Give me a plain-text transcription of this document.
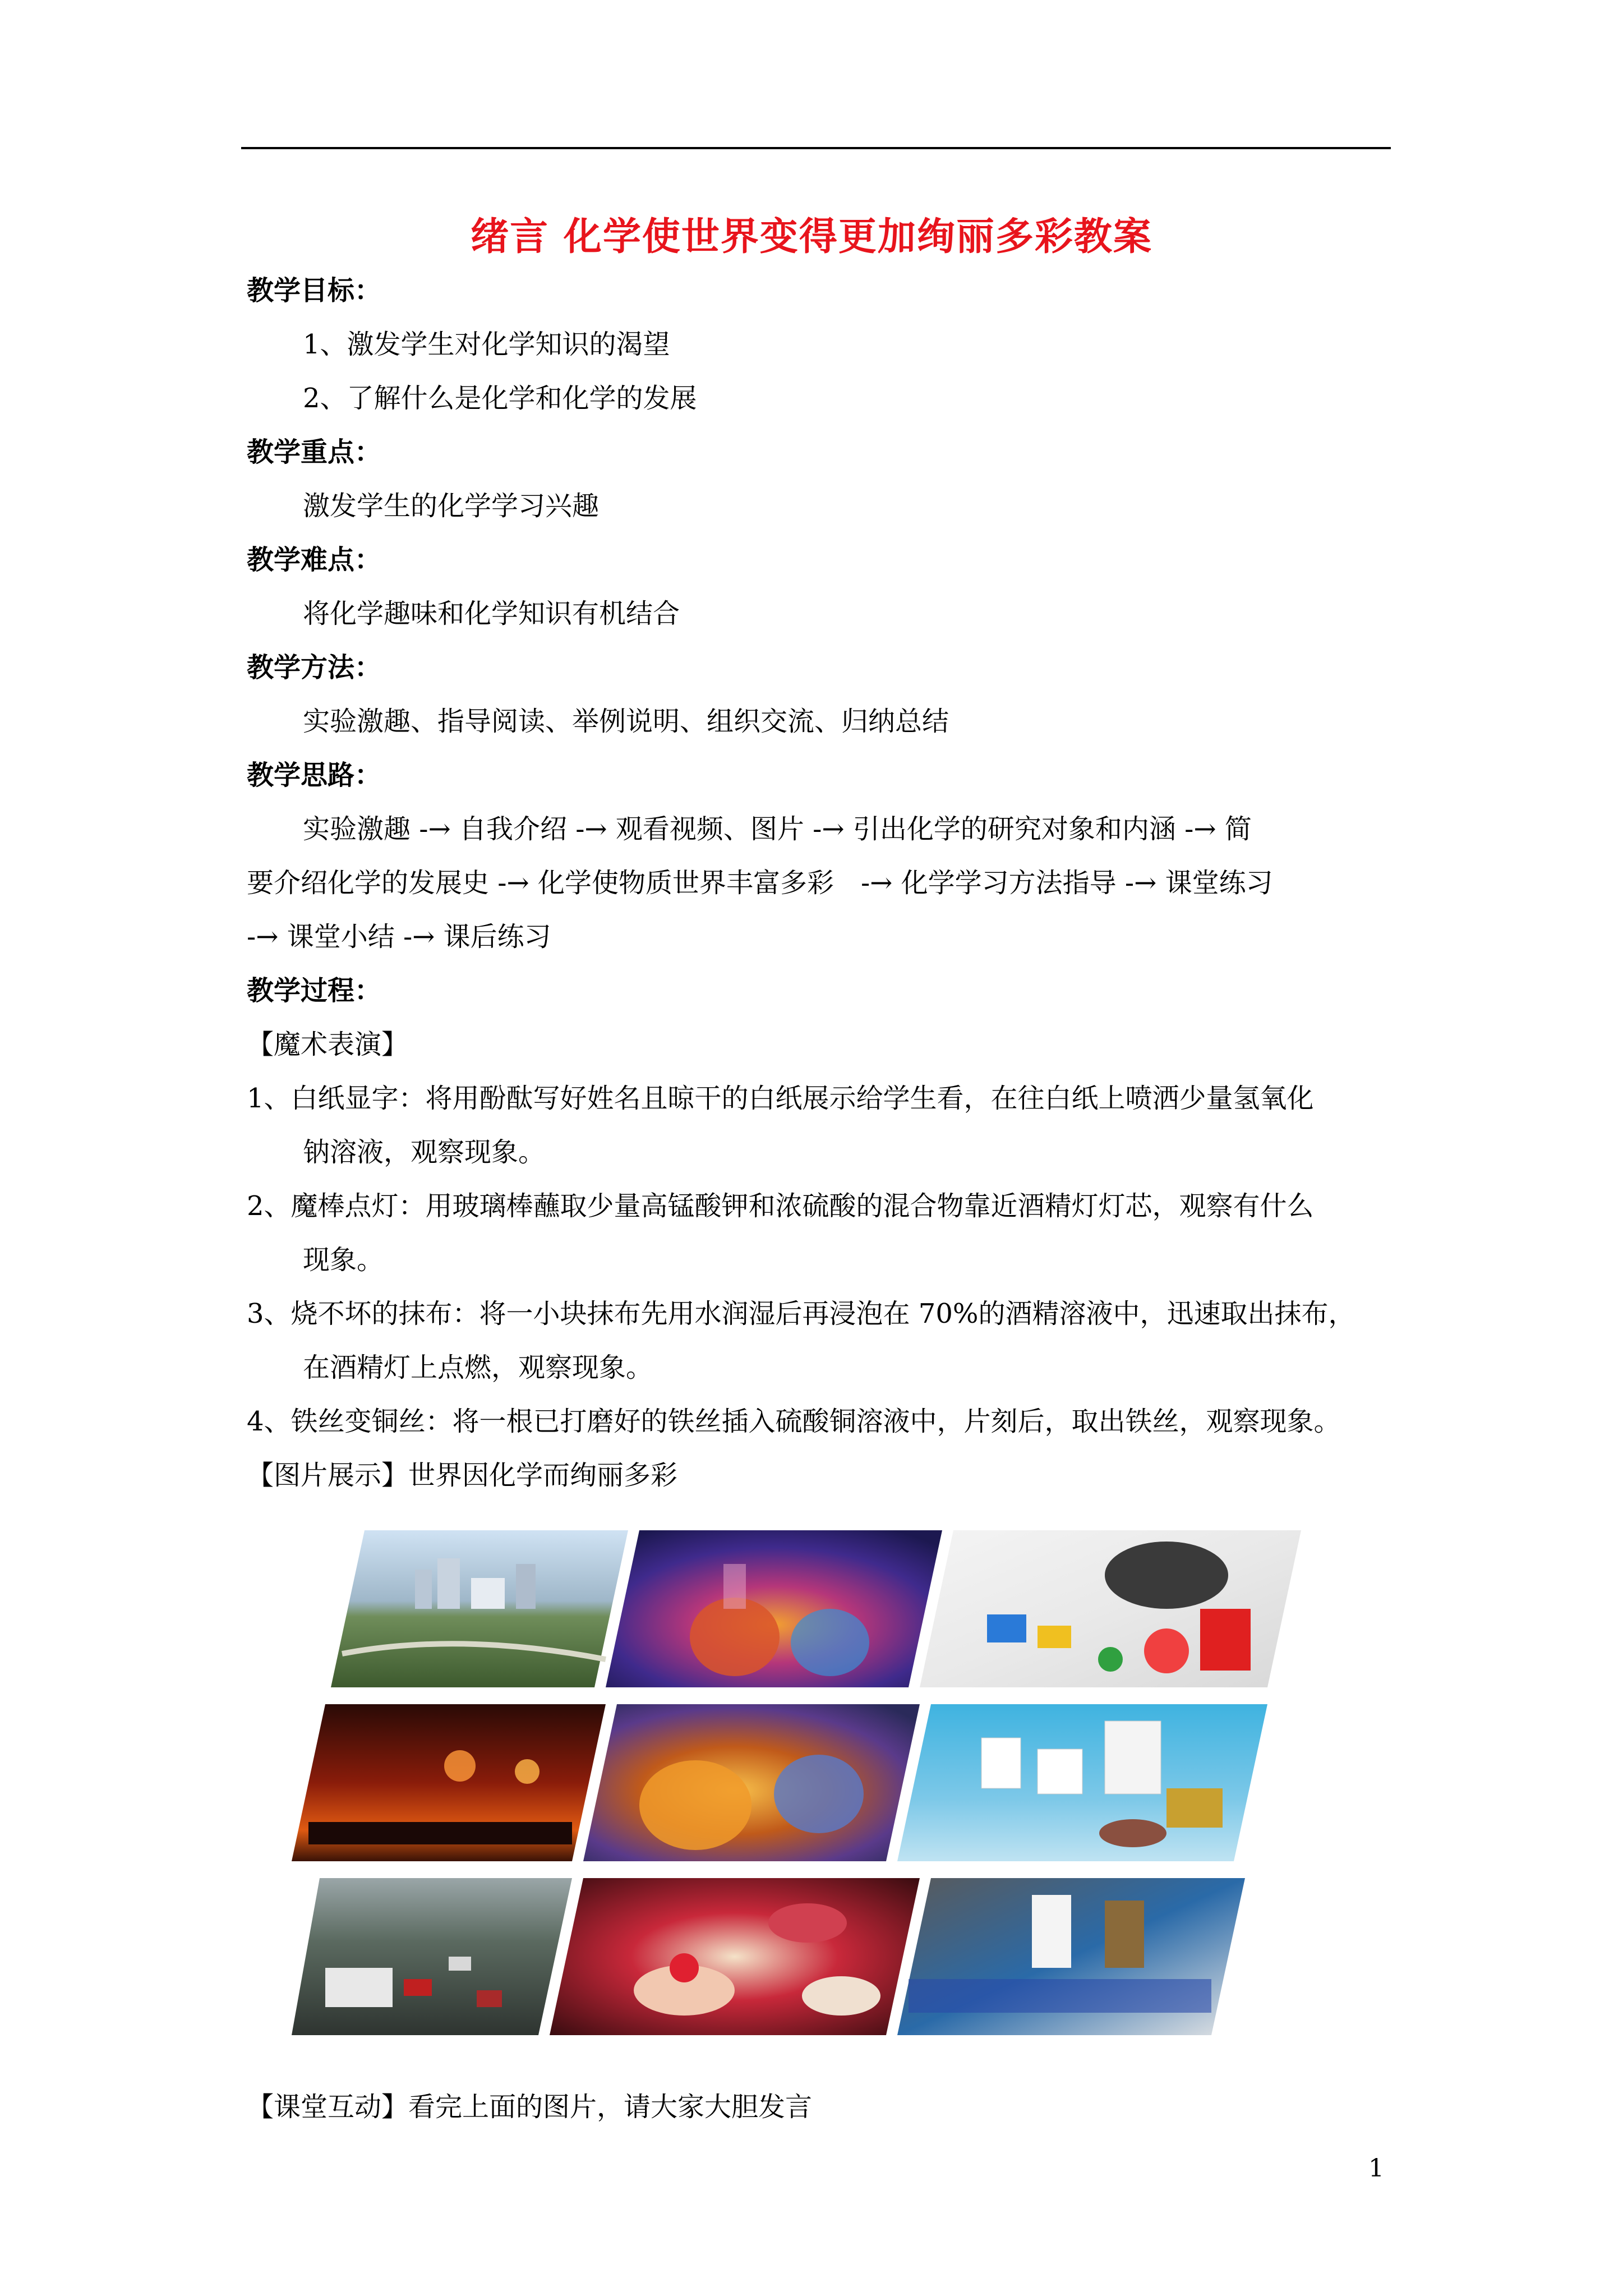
绪言 化学使世界变得更加绚丽多彩教案

教学目标：

1、激发学生对化学知识的渴望

2、了解什么是化学和化学的发展

教学重点：

激发学生的化学学习兴趣

教学难点：

将化学趣味和化学知识有机结合

教学方法：

实验激趣、指导阅读、举例说明、组织交流、归纳总结

教学思路：

实验激趣 -→ 自我介绍 -→ 观看视频、图片 -→ 引出化学的研究对象和内涵 -→ 简

要介绍化学的发展史 -→ 化学使物质世界丰富多彩　-→ 化学学习方法指导 -→ 课堂练习

-→ 课堂小结 -→ 课后练习

教学过程：

【魔术表演】

1、白纸显字：将用酚酞写好姓名且晾干的白纸展示给学生看，在往白纸上喷洒少量氢氧化

钠溶液，观察现象。

2、魔棒点灯：用玻璃棒蘸取少量高锰酸钾和浓硫酸的混合物靠近酒精灯灯芯，观察有什么

现象。

3、烧不坏的抹布：将一小块抹布先用水润湿后再浸泡在 70%的酒精溶液中，迅速取出抹布，

在酒精灯上点燃，观察现象。

4、铁丝变铜丝：将一根已打磨好的铁丝插入硫酸铜溶液中，片刻后，取出铁丝，观察现象。

【图片展示】世界因化学而绚丽多彩

【课堂互动】看完上面的图片，请大家大胆发言

1
